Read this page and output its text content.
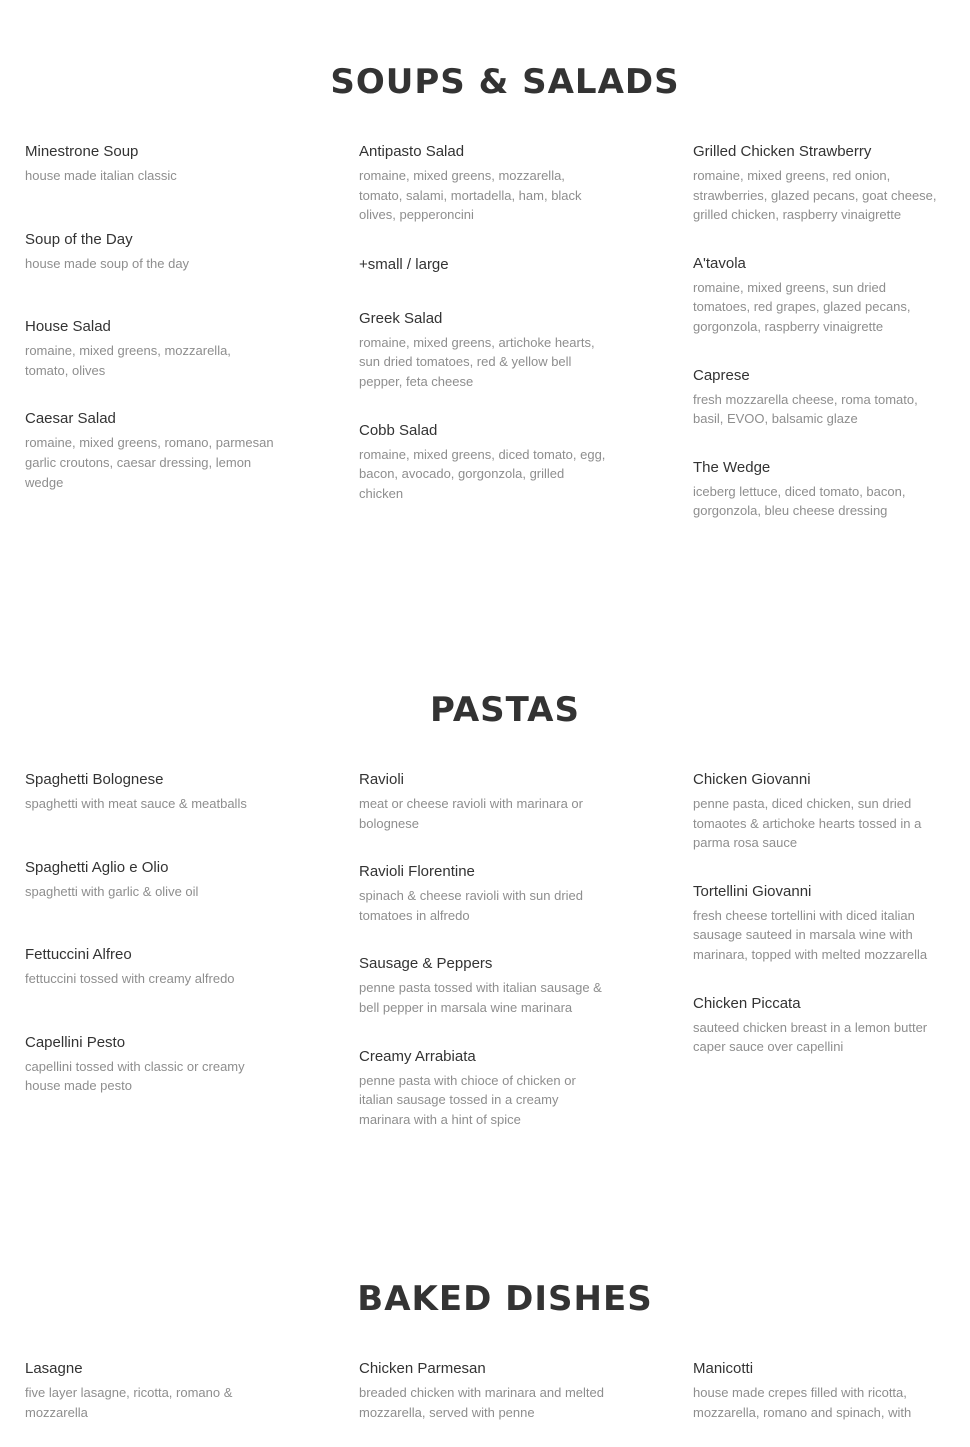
SOUPS & SALADS
Minestrone Soup
house made italian classic
Soup of the Day
house made soup of the day
House Salad
romaine, mixed greens, mozzarella, tomato, olives
Caesar Salad
romaine, mixed greens, romano, parmesan garlic croutons, caesar dressing, lemon wedge
Antipasto Salad
romaine, mixed greens, mozzarella, tomato, salami, mortadella, ham, black olives, pepperoncini
+small / large
Greek Salad
romaine, mixed greens, artichoke hearts, sun dried tomatoes, red & yellow bell pepper, feta cheese
Cobb Salad
romaine, mixed greens, diced tomato, egg, bacon, avocado, gorgonzola, grilled chicken
Grilled Chicken Strawberry
romaine, mixed greens, red onion, strawberries, glazed pecans, goat cheese, grilled chicken, raspberry vinaigrette
A'tavola
romaine, mixed greens, sun dried tomatoes, red grapes, glazed pecans, gorgonzola, raspberry vinaigrette
Caprese
fresh mozzarella cheese, roma tomato, basil, EVOO, balsamic glaze
The Wedge
iceberg lettuce, diced tomato, bacon, gorgonzola, bleu cheese dressing
PASTAS
Spaghetti Bolognese
spaghetti with meat sauce & meatballs
Spaghetti Aglio e Olio
spaghetti with garlic & olive oil
Fettuccini Alfreo
fettuccini tossed with creamy alfredo
Capellini Pesto
capellini tossed with classic or creamy house made pesto
Ravioli
meat or cheese ravioli with marinara or bolognese
Ravioli Florentine
spinach & cheese ravioli with sun dried tomatoes in alfredo
Sausage & Peppers
penne pasta tossed with italian sausage & bell pepper in marsala wine marinara
Creamy Arrabiata
penne pasta with chioce of chicken or italian sausage tossed in a creamy marinara with a hint of spice
Chicken Giovanni
penne pasta, diced chicken, sun dried tomaotes & artichoke hearts tossed in a parma rosa sauce
Tortellini Giovanni
fresh cheese tortellini with diced italian sausage sauteed in marsala wine with marinara, topped with melted mozzarella
Chicken Piccata
sauteed chicken breast in a lemon butter caper sauce over capellini
BAKED DISHES
Lasagne
five layer lasagne, ricotta, romano & mozzarella
Chicken Parmesan
breaded chicken with marinara and melted mozzarella, served with penne
Manicotti
house made crepes filled with ricotta, mozzarella, romano and spinach, with
